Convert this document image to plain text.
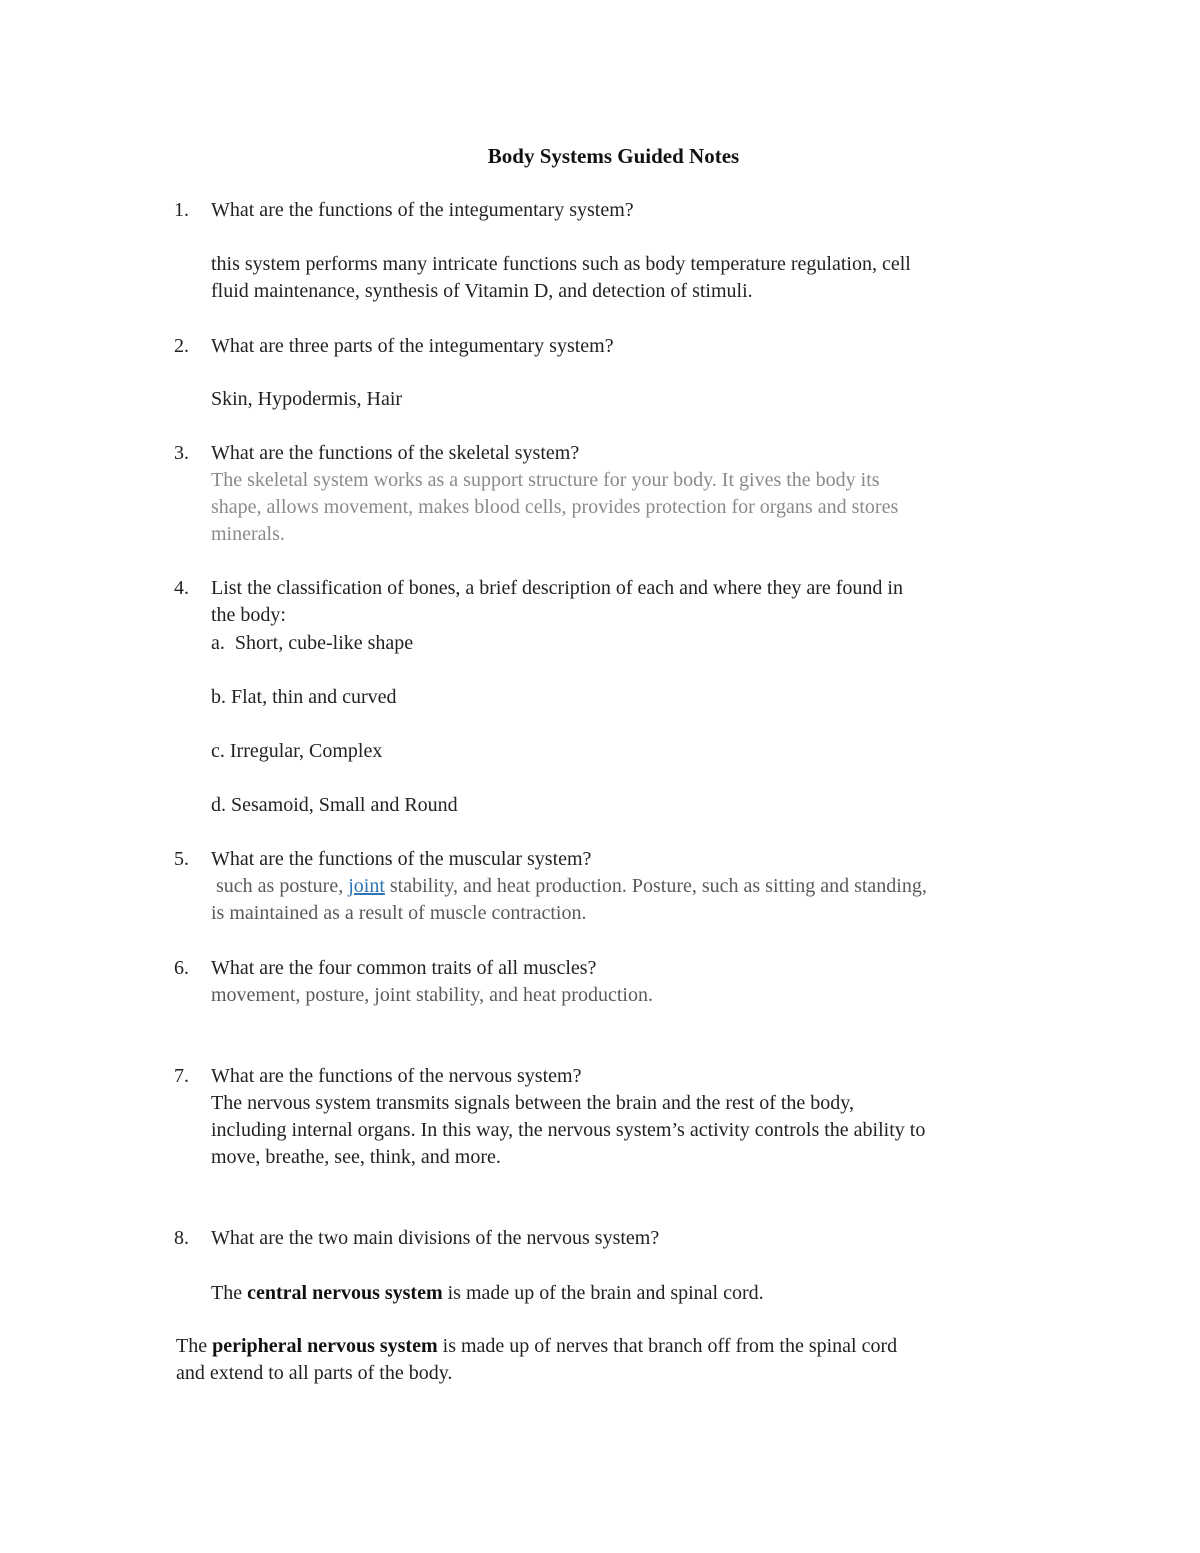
Body Systems Guided Notes
1.	What are the functions of the integumentary system?
this system performs many intricate functions such as body temperature regulation, cell
fluid maintenance, synthesis of Vitamin D, and detection of stimuli.
2.	What are three parts of the integumentary system?
Skin, Hypodermis, Hair
3.	What are the functions of the skeletal system?
The skeletal system works as a support structure for your body. It gives the body its
shape, allows movement, makes blood cells, provides protection for organs and stores
minerals.
4.	List the classification of bones, a brief description of each and where they are found in
the body:
a.  Short, cube-like shape
b. Flat, thin and curved
c. Irregular, Complex
d. Sesamoid, Small and Round
5.	What are the functions of the muscular system?
such as posture, joint stability, and heat production. Posture, such as sitting and standing,
is maintained as a result of muscle contraction.
6.	What are the four common traits of all muscles?
movement, posture, joint stability, and heat production.
7.	What are the functions of the nervous system?
The nervous system transmits signals between the brain and the rest of the body,
including internal organs. In this way, the nervous system’s activity controls the ability to
move, breathe, see, think, and more.
8.	What are the two main divisions of the nervous system?
The central nervous system is made up of the brain and spinal cord.
The peripheral nervous system is made up of nerves that branch off from the spinal cord
and extend to all parts of the body.
